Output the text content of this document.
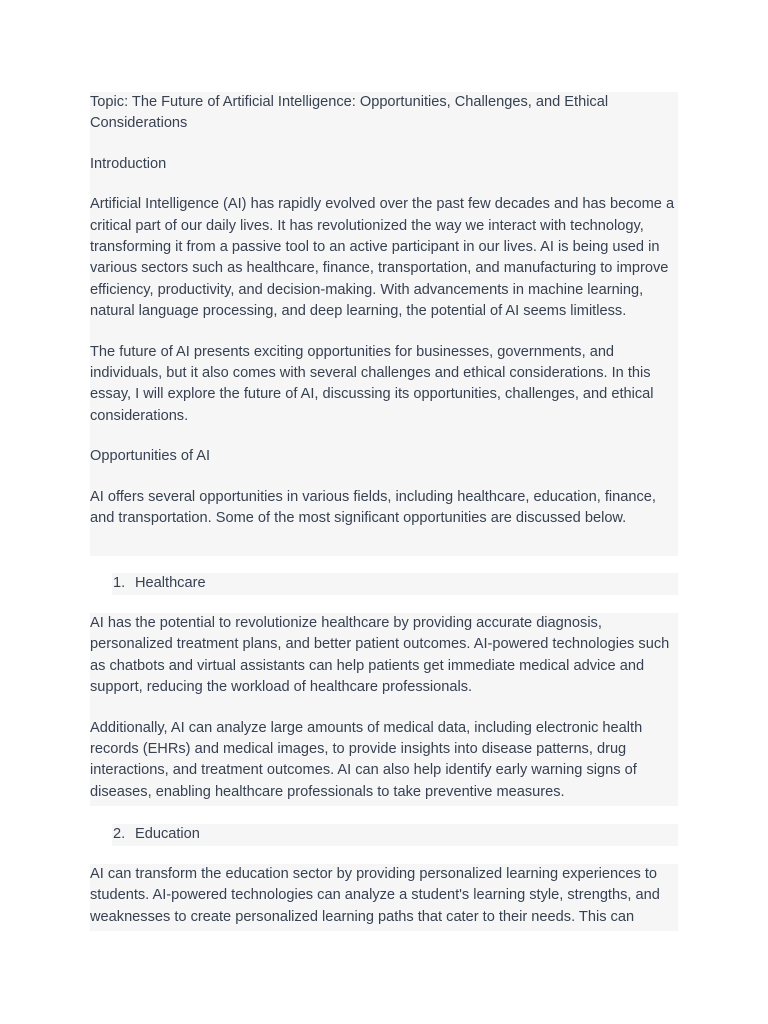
Topic: The Future of Artificial Intelligence: Opportunities, Challenges, and Ethical Considerations

Introduction

Artificial Intelligence (AI) has rapidly evolved over the past few decades and has become a critical part of our daily lives. It has revolutionized the way we interact with technology, transforming it from a passive tool to an active participant in our lives. AI is being used in various sectors such as healthcare, finance, transportation, and manufacturing to improve efficiency, productivity, and decision-making. With advancements in machine learning, natural language processing, and deep learning, the potential of AI seems limitless.

The future of AI presents exciting opportunities for businesses, governments, and individuals, but it also comes with several challenges and ethical considerations. In this essay, I will explore the future of AI, discussing its opportunities, challenges, and ethical considerations.

Opportunities of AI

AI offers several opportunities in various fields, including healthcare, education, finance, and transportation. Some of the most significant opportunities are discussed below.

1. Healthcare

AI has the potential to revolutionize healthcare by providing accurate diagnosis, personalized treatment plans, and better patient outcomes. AI-powered technologies such as chatbots and virtual assistants can help patients get immediate medical advice and support, reducing the workload of healthcare professionals.

Additionally, AI can analyze large amounts of medical data, including electronic health records (EHRs) and medical images, to provide insights into disease patterns, drug interactions, and treatment outcomes. AI can also help identify early warning signs of diseases, enabling healthcare professionals to take preventive measures.

2. Education

AI can transform the education sector by providing personalized learning experiences to students. AI-powered technologies can analyze a student's learning style, strengths, and weaknesses to create personalized learning paths that cater to their needs. This can
